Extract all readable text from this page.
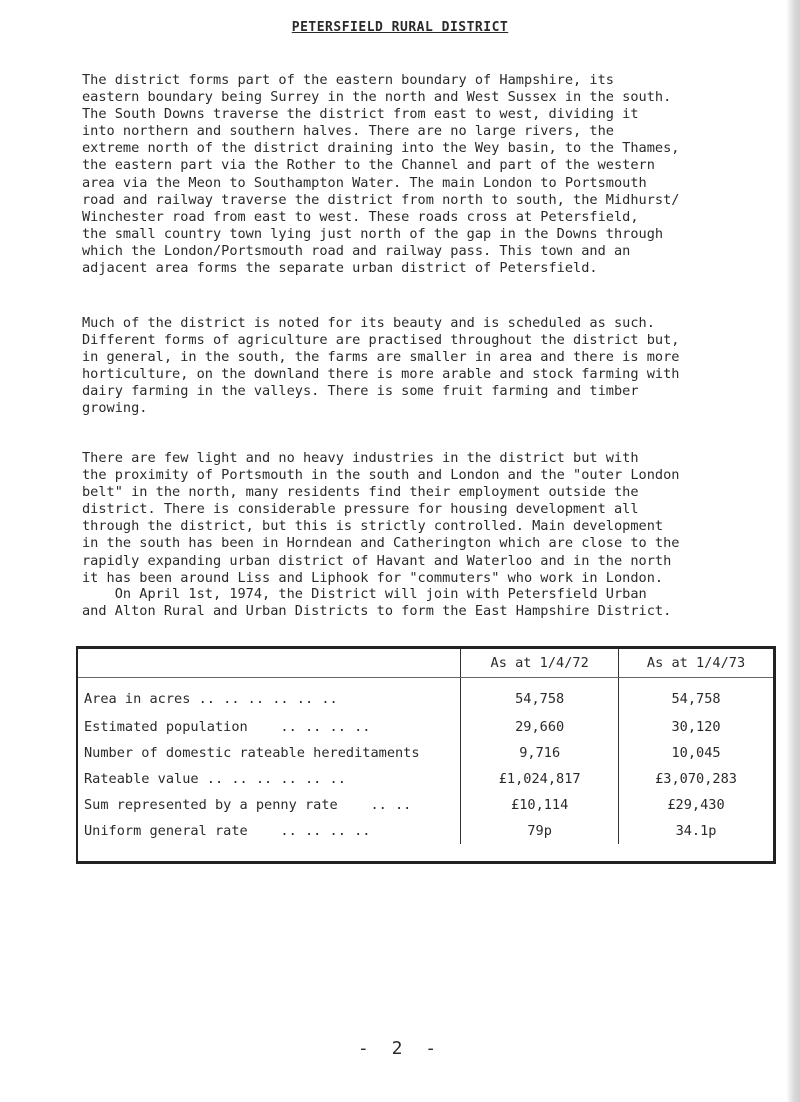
PETERSFIELD RURAL DISTRICT

The district forms part of the eastern boundary of Hampshire, its
eastern boundary being Surrey in the north and West Sussex in the south.
The South Downs traverse the district from east to west, dividing it
into northern and southern halves. There are no large rivers, the
extreme north of the district draining into the Wey basin, to the Thames,
the eastern part via the Rother to the Channel and part of the western
area via the Meon to Southampton Water. The main London to Portsmouth
road and railway traverse the district from north to south, the Midhurst/
Winchester road from east to west. These roads cross at Petersfield,
the small country town lying just north of the gap in the Downs through
which the London/Portsmouth road and railway pass. This town and an
adjacent area forms the separate urban district of Petersfield.

Much of the district is noted for its beauty and is scheduled as such.
Different forms of agriculture are practised throughout the district but,
in general, in the south, the farms are smaller in area and there is more
horticulture, on the downland there is more arable and stock farming with
dairy farming in the valleys. There is some fruit farming and timber
growing.

There are few light and no heavy industries in the district but with
the proximity of Portsmouth in the south and London and the "outer London
belt" in the north, many residents find their employment outside the
district. There is considerable pressure for housing development all
through the district, but this is strictly controlled. Main development
in the south has been in Horndean and Catherington which are close to the
rapidly expanding urban district of Havant and Waterloo and in the north
it has been around Liss and Liphook for "commuters" who work in London.

On April 1st, 1974, the District will join with Petersfield Urban
and Alton Rural and Urban Districts to form the East Hampshire District.

	As at 1/4/72	As at 1/4/73
Area in acres .. .. .. .. .. ..	54,758	54,758
Estimated population    .. .. .. ..	29,660	30,120
Number of domestic rateable hereditaments	9,716	10,045
Rateable value .. .. .. .. .. ..	£1,024,817	£3,070,283
Sum represented by a penny rate    .. ..	£10,114	£29,430
Uniform general rate    .. .. .. ..	79p	34.1p
- 2 -
